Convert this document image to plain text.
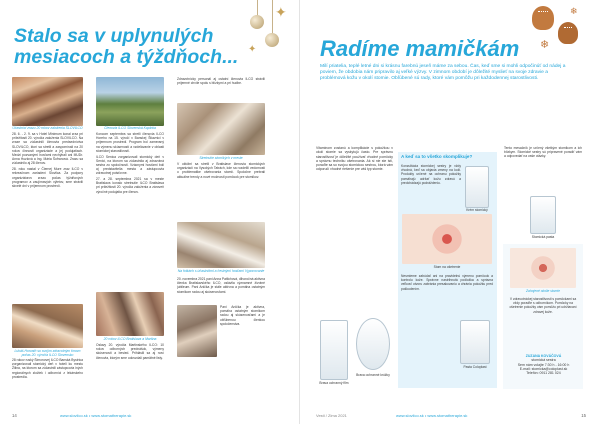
✦
✦
Stalo sa v uplynulých
mesiacoch a týždňoch...
Účastníci zrazu 20 rokov založenia SLOVILCO

28. 6. - 2. 9. sa v Hotel Minimum konal zraz pri príležitosti 20. výročia založenia SLOVILCO. Na zraze sa zúčastnili členovia predsedníctva SLOVILCO, ktorí sa stretli a zaspomínali na 20 rokov činnosti organizácie a jej podujatiach. Medzi pozvanými hosťami nechýbali ani MUDr. Anna Huzlová a Ing. Mária Šofranová. Zrazu sa zúčastnilo aj 28 členov.

28. roku nastal v Čiernej Mure zraz ILCO v rekreačnom zariadení Slovilca. Za podpory organizátorov zrazu počas týždňových programov a zaujímavých výletov, sme strávili skvelé dni v príjemnom prostredí.

Lukáš Horvath so svojím zdravotným tímom počas 20. výročia ILCO Slovensko

28 rokov ruský Šimonovej ILCO Banská Bystrica zorganizovali stomický deň v hoteli ku mestu Žilina, na ktorom sa zúčastnili zástupcovia iných regionálnych zložiek i odborníci z lekárskeho prostredia.

Členovia ILCO Slovenská Kaplnka

Koncom septembra sa stretli členovia ILCO Horeho na 15. výročí v Banskej Štiavnici v príjemnom prostredí. Program bol zameraný na výmenu skúseností a vzdelávanie v oblasti stomickej starostlivosti.

ILCO Senica zorganizovali stomický deň v Senici, na ktorom sa zúčastnila aj zdravotná sestra zo spoločnosti. Vzácnymi hosťami boli aj predstavitelia mesta a zástupcovia zdravotnej poisťovne.

27. a 28. septembra 2021 sa v meste Bratislava konalo stretnutie ILCO Bratislava pri príležitosti 20. výročia založenia a zároveň výročné podujatia pre členov.

20 rokov ILCO Bratislava a Martina

Oslavy 20. výročia Martinského ILCO: 10 rokov odborných prednášok, výmeny skúseností a besied. Prihlásili sa aj noví členovia, ktorým sme odovzdali pamätné listy.

Zdravotnícky personál aj ostatní členovia ILCO strávili príjemné chvíle spolu s blízkymi a pri hudbe.

Stretnutie stomikých v meste

V októbri sa stretli v Bratislave členovia stomických organizácií na Vysokých Tatrách, kde sa rozdelili vedomosti o problematike ošetrovania stomií. Spoločne prebrali aktuálne trendy a nové možnosti pomôcok pre stomikov.

Na fotkách s účastníkmi a čestnými hosťami Vypocovanie

20. novembra 2021 pani Anna Patlichová, dlhoročná aktívna členka Bratislavského ILCO, oslávila významné životné jubileum. Pani Anička je stále aktívna a pomáha ostatným stomikom radou aj skúsenosťami.

Pani Anička je aktívna, pomáha ostatným stomikom radou aj skúsenosťami a je obľúbenou členkou spoločenstva.

14	www.slovilco.sk • www.stomatherapie.sk
❄
❄
Radíme mamičkám
Milí priatelia, teplé letné dni si krásnu farebnú jeseň máme za sebou. Čas, keď sme si mohli odpočinúť od nádej a poviem, že obdobia nám pripravilo aj veľké výzvy. V zimnom období je dôležité myslieť na svoje zdravie a problémová kožu v okolí stomie. Obľúbené sú rady, ktoré vám pomôžu pri každodennej starostlivosti.

Vitaminom zostanú a komplikácie s pokožkou v okolí stomie sa vyskytujú často. Pre správnu starostlivosť je dôležité používať vhodné pomôcky a správnu techniku ošetrovania. Ak si nie ste istí, poraďte sa so svojou stomickou sestrou, ktorá vám odporučí vhodné riešenie pre váš typ stomie.

Brava ochranný film
Brava ochranné krúžky
A keď sa to všetko skomplikuje?

Konzultácia stomickej sestry je vždy vhodná, keď sa objavia zmeny na koži. Produkty určené na ochranu pokožky pomáhajú udržať kožu zdravú a predchádzajú podráždeniu.

Krém stomický
Stom na ošetrenie

Nesmieme zabúdať ani na pravidelnú výmenu pomôcok a kontrolu kože. Správne nastrihnutá podložka a správna veľkosť otvoru zabránia presakovaniu a chránia pokožku pred poškodením.

Pasta Coloplast

Tento mesačník je určený všetkým stomikom a ich blízkym. Stomické sestry sú pripravené poradiť vám a odpovedať na vaše otázky.

Stomická pasta
Zahojené okolie stomie

V zdravotníckej starostlivosti s pomôckami sa vždy poraďte s odborníkom. Pomôcky na ošetrenie pokožky vám pomôžu pri udržiavaní zdravej kože.

ZUZANA KOVÁČOVÁ
stomická sestra
Sem nám volajte 7:30 h - 16:00 h
E-mail: stomicka@coloplast.sk
Telefón: 0911 281 024
www.slovilco.sk • www.stomatherapie.sk
Vesti / Zima 2021	15
